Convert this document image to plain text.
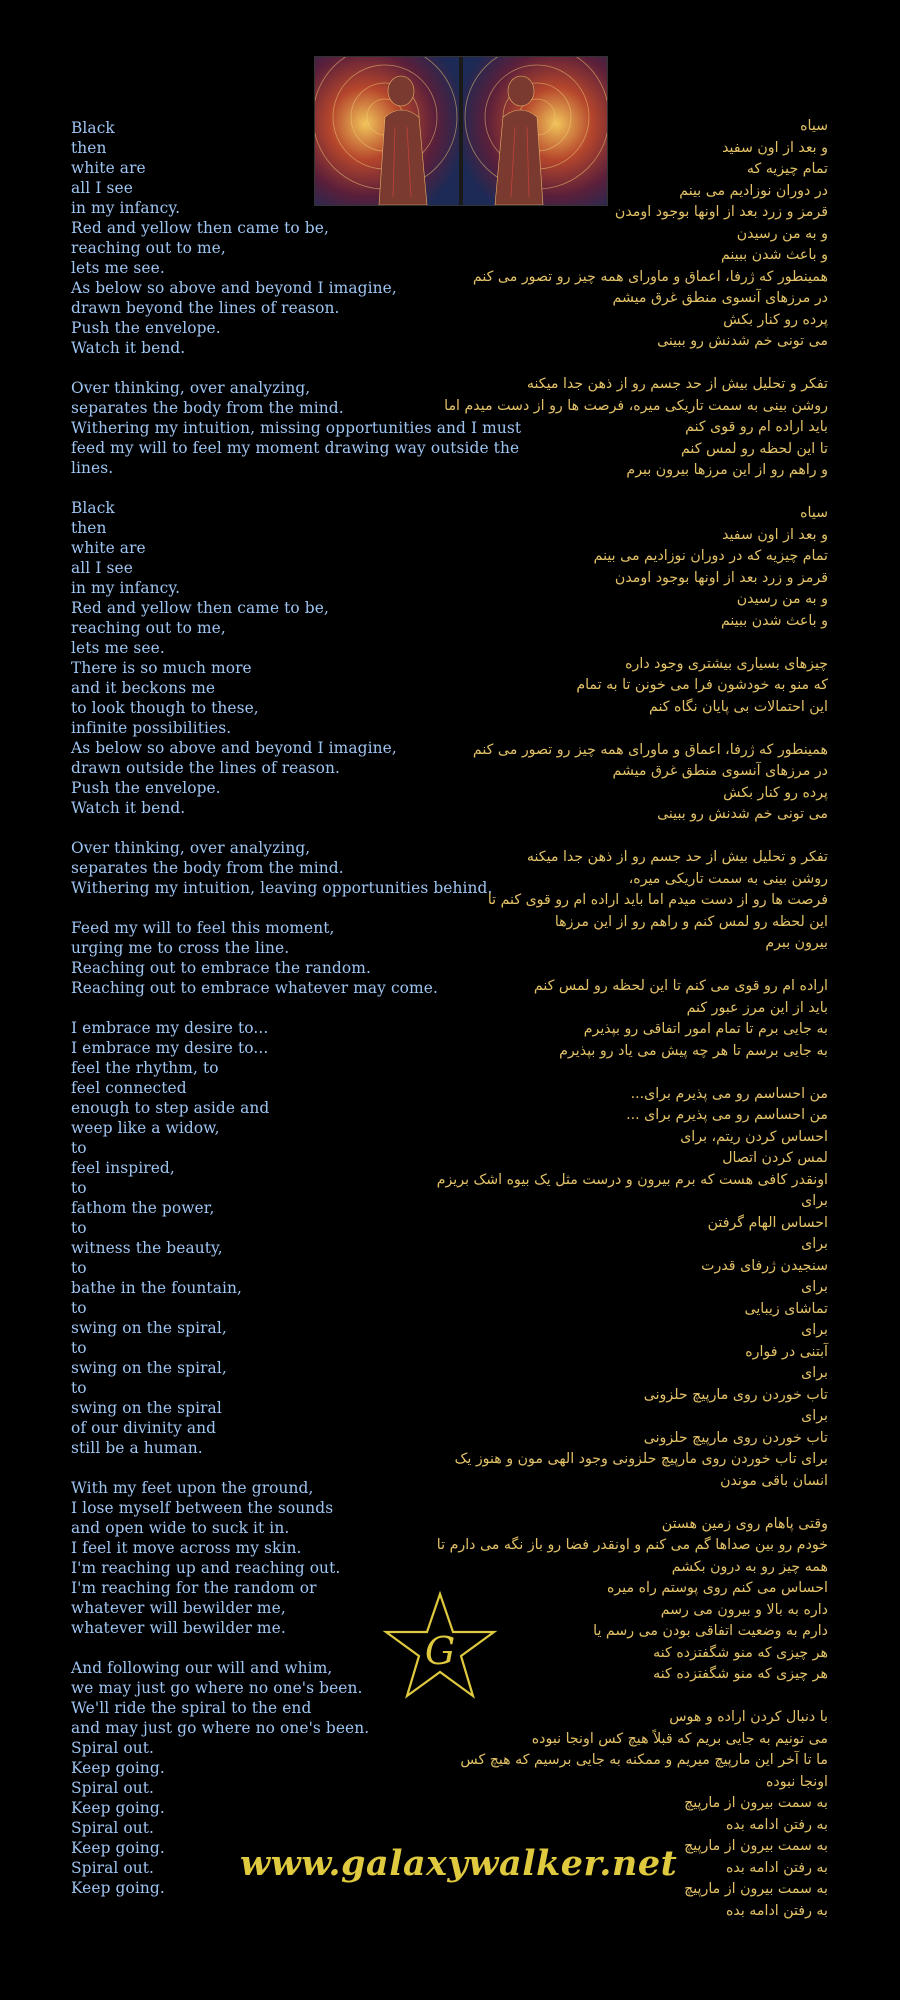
Black
then
white are
all I see
in my infancy.
Red and yellow then came to be,
reaching out to me,
lets me see.
As below so above and beyond I imagine,
drawn beyond the lines of reason.
Push the envelope.
Watch it bend.

Over thinking, over analyzing,
separates the body from the mind.
Withering my intuition, missing opportunities and I must
feed my will to feel my moment drawing way outside the
lines.

Black
then
white are
all I see
in my infancy.
Red and yellow then came to be,
reaching out to me,
lets me see.
There is so much more
and it beckons me
to look though to these,
infinite possibilities.
As below so above and beyond I imagine,
drawn outside the lines of reason.
Push the envelope.
Watch it bend.

Over thinking, over analyzing,
separates the body from the mind.
Withering my intuition, leaving opportunities behind.

Feed my will to feel this moment,
urging me to cross the line.
Reaching out to embrace the random.
Reaching out to embrace whatever may come.

I embrace my desire to...
I embrace my desire to...
feel the rhythm, to
feel connected
enough to step aside and
weep like a widow,
to
feel inspired,
to
fathom the power,
to
witness the beauty,
to
bathe in the fountain,
to
swing on the spiral,
to
swing on the spiral,
to
swing on the spiral
of our divinity and
still be a human.

With my feet upon the ground,
I lose myself between the sounds
and open wide to suck it in.
I feel it move across my skin.
I'm reaching up and reaching out.
I'm reaching for the random or
whatever will bewilder me,
whatever will bewilder me.

And following our will and whim,
we may just go where no one's been.
We'll ride the spiral to the end
and may just go where no one's been.
Spiral out.
Keep going.
Spiral out.
Keep going.
Spiral out.
Keep going.
Spiral out.
Keep going.
سیاه
و بعد از اون سفید
تمام چیزیه که
در دوران نوزادیم می بینم
قرمز و زرد بعد از اونها بوجود اومدن
و به من رسیدن
و باعث شدن ببینم
همینطور که ژرفا، اعماق و ماورای همه چیز رو تصور می کنم
در مرزهای آنسوی منطق غرق میشم
پرده رو کنار بکش
می تونی خم شدنش رو ببینی

تفکر و تحلیل بیش از حد جسم رو از ذهن جدا میکنه
روشن بینی به سمت تاریکی میره، فرصت ها رو از دست میدم اما
باید اراده ام رو قوی کنم
تا این لحظه رو لمس کنم
و راهم رو از این مرزها بیرون ببرم

سیاه
و بعد از اون سفید
تمام چیزیه که در دوران نوزادیم می بینم
قرمز و زرد بعد از اونها بوجود اومدن
و به من رسیدن
و باعث شدن ببینم

چیزهای بسیاری بیشتری وجود داره
که منو به خودشون فرا می خونن تا به تمام
این احتمالات بی پایان نگاه کنم

همینطور که ژرفا، اعماق و ماورای همه چیز رو تصور می کنم
در مرزهای آنسوی منطق غرق میشم
پرده رو کنار بکش
می تونی خم شدنش رو ببینی

تفکر و تحلیل بیش از حد جسم رو از ذهن جدا میکنه
روشن بینی به سمت تاریکی میره،
فرصت ها رو از دست میدم اما باید اراده ام رو قوی کنم تا
این لحظه رو لمس کنم و راهم رو از این مرزها
بیرون ببرم

اراده ام رو قوی می کنم تا این لحظه رو لمس کنم
باید از این مرز عبور کنم
به جایی برم تا تمام امور اتفاقی رو بپذیرم
به جایی برسم تا هر چه پیش می یاد رو بپذیرم

من احساسم رو می پذیرم برای...
من احساسم رو می پذیرم برای ...
احساس کردن ریتم، برای
لمس کردن اتصال
اونقدر کافی هست که برم بیرون و درست مثل یک بیوه اشک بریزم
برای
احساس الهام گرفتن
برای
سنجیدن ژرفای قدرت
برای
تماشای زیبایی
برای
آبتنی در فواره
برای
تاب خوردن روی مارپیچ حلزونی
برای
تاب خوردن روی مارپیچ حلزونی
برای تاب خوردن روی مارپیچ حلزونی وجود الهی مون و هنوز یک
انسان باقی موندن

وقتی پاهام روی زمین هستن
خودم رو بین صداها گم می کنم و اونقدر فضا رو باز نگه می دارم تا
همه چیز رو به درون بکشم
احساس می کنم روی پوستم راه میره
داره به بالا و بیرون می رسم
دارم به وضعیت اتفاقی بودن می رسم یا
هر چیزی که منو شگفتزده کنه
هر چیزی که منو شگفتزده کنه

با دنبال کردن اراده و هوس
می تونیم به جایی بریم که قبلاً هیچ کس اونجا نبوده
ما تا آخر این مارپیچ میریم و ممکنه به جایی برسیم که هیچ کس
اونجا نبوده
به سمت بیرون از مارپیچ
به رفتن ادامه بده
به سمت بیرون از مارپیچ
به رفتن ادامه بده
به سمت بیرون از مارپیچ
به رفتن ادامه بده
G
www.galaxywalker.net
